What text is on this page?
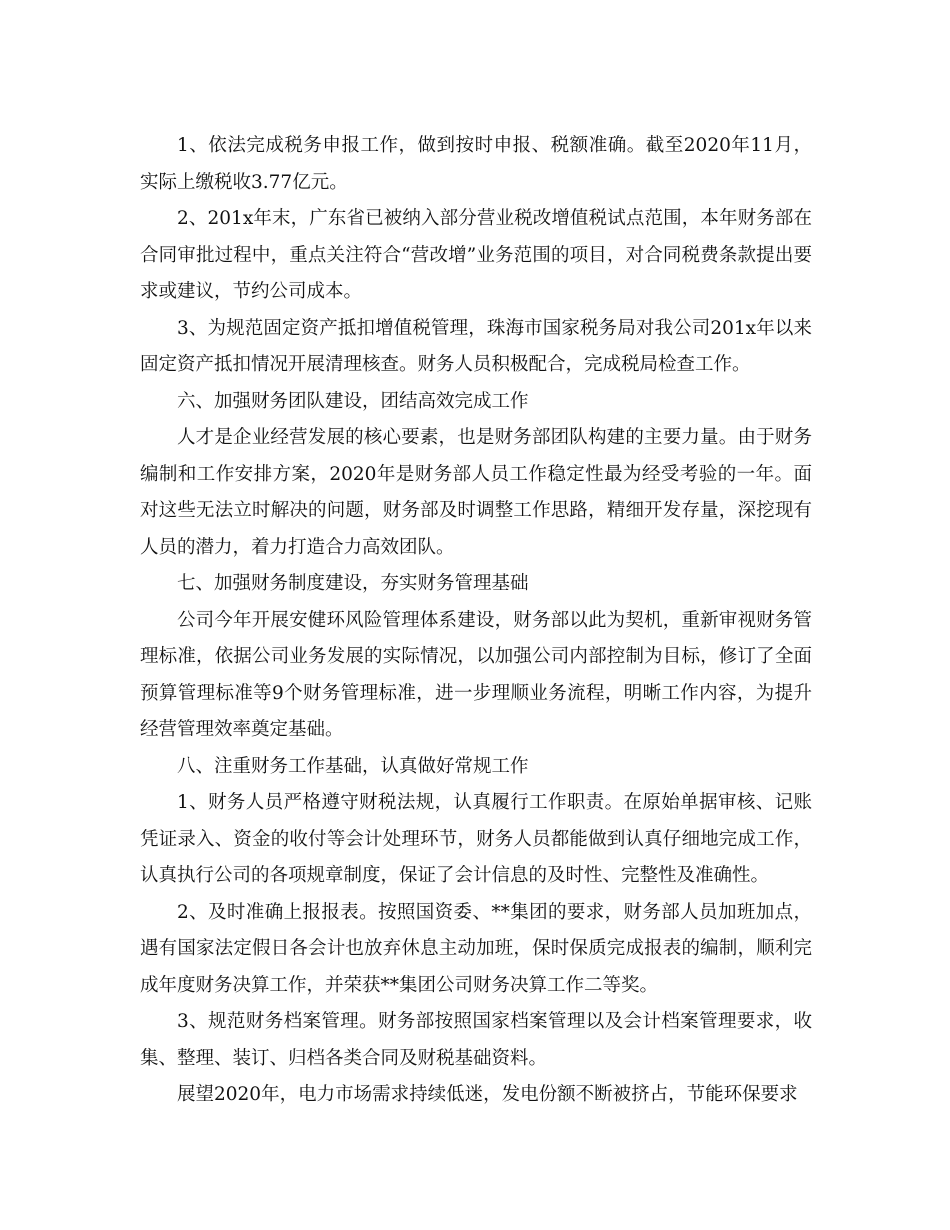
1、依法完成税务申报工作，做到按时申报、税额准确。截至2020年11月，实际上缴税收3.77亿元。

2、201x年末，广东省已被纳入部分营业税改增值税试点范围，本年财务部在合同审批过程中，重点关注符合“营改增”业务范围的项目，对合同税费条款提出要求或建议，节约公司成本。

3、为规范固定资产抵扣增值税管理，珠海市国家税务局对我公司201x年以来固定资产抵扣情况开展清理核查。财务人员积极配合，完成税局检查工作。

六、加强财务团队建设，团结高效完成工作

人才是企业经营发展的核心要素，也是财务部团队构建的主要力量。由于财务编制和工作安排方案，2020年是财务部人员工作稳定性最为经受考验的一年。面对这些无法立时解决的问题，财务部及时调整工作思路，精细开发存量，深挖现有人员的潜力，着力打造合力高效团队。

七、加强财务制度建设，夯实财务管理基础

公司今年开展安健环风险管理体系建设，财务部以此为契机，重新审视财务管理标准，依据公司业务发展的实际情况，以加强公司内部控制为目标，修订了全面预算管理标准等9个财务管理标准，进一步理顺业务流程，明晰工作内容，为提升经营管理效率奠定基础。

八、注重财务工作基础，认真做好常规工作

1、财务人员严格遵守财税法规，认真履行工作职责。在原始单据审核、记账凭证录入、资金的收付等会计处理环节，财务人员都能做到认真仔细地完成工作，认真执行公司的各项规章制度，保证了会计信息的及时性、完整性及准确性。

2、及时准确上报报表。按照国资委、**集团的要求，财务部人员加班加点，遇有国家法定假日各会计也放弃休息主动加班，保时保质完成报表的编制，顺利完成年度财务决算工作，并荣获**集团公司财务决算工作二等奖。

3、规范财务档案管理。财务部按照国家档案管理以及会计档案管理要求，收集、整理、装订、归档各类合同及财税基础资料。

展望2020年，电力市场需求持续低迷，发电份额不断被挤占，节能环保要求
